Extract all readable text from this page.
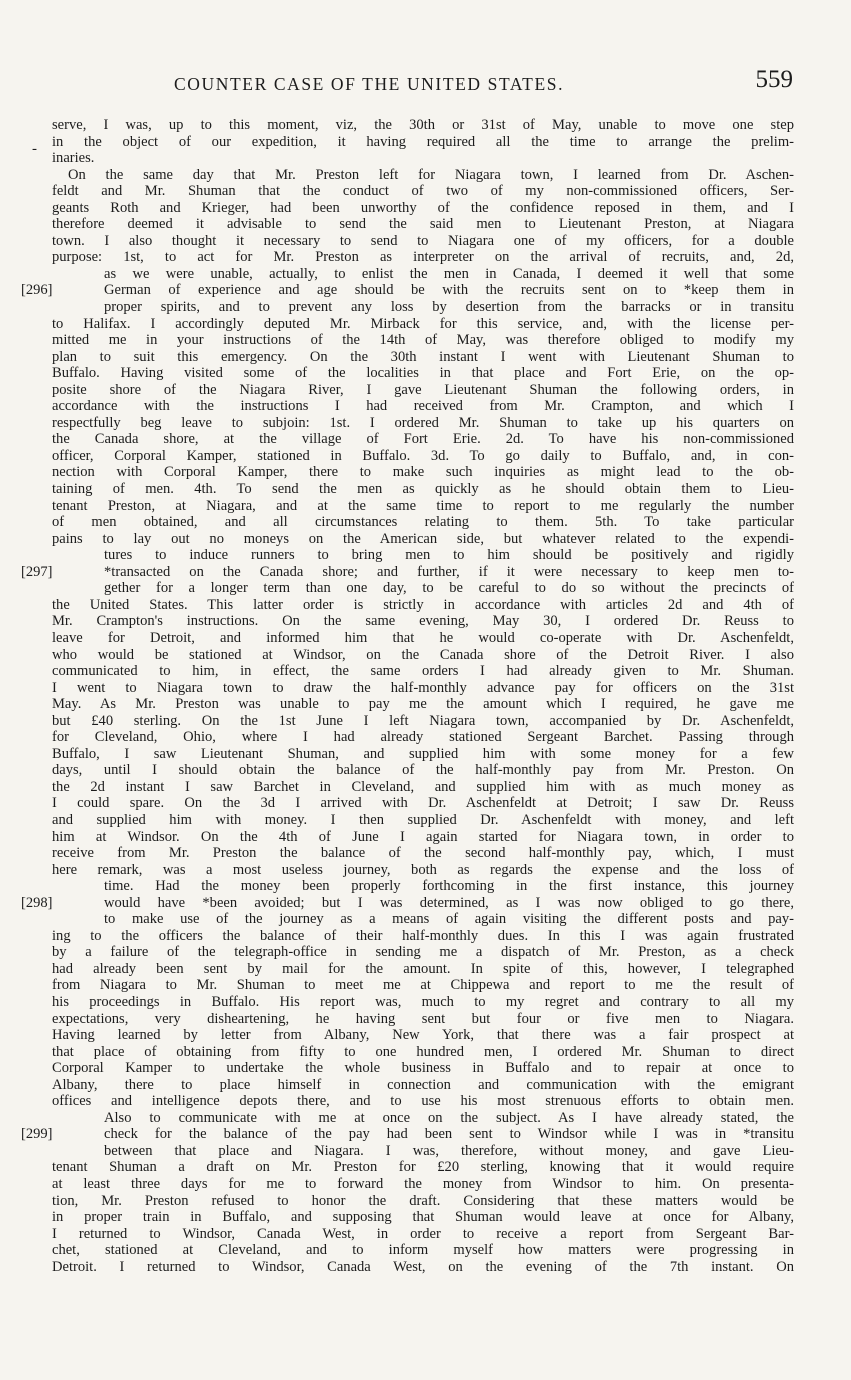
COUNTER CASE OF THE UNITED STATES.	559
-
serve, I was, up to this moment, viz, the 30th or 31st of May, unable to move one step
in the object of our expedition, it having required all the time to arrange the prelim-
inaries.
On the same day that Mr. Preston left for Niagara town, I learned from Dr. Aschen-
feldt and Mr. Shuman that the conduct of two of my non-commissioned officers, Ser-
geants Roth and Krieger, had been unworthy of the confidence reposed in them, and I
therefore deemed it advisable to send the said men to Lieutenant Preston, at Niagara
town. I also thought it necessary to send to Niagara one of my officers, for a double
purpose: 1st, to act for Mr. Preston as interpreter on the arrival of recruits, and, 2d,
as we were unable, actually, to enlist the men in Canada, I deemed it well that some
[296]	German of experience and age should be with the recruits sent on to *keep them in
proper spirits, and to prevent any loss by desertion from the barracks or in transitu
to Halifax. I accordingly deputed Mr. Mirback for this service, and, with the license per-
mitted me in your instructions of the 14th of May, was therefore obliged to modify my
plan to suit this emergency. On the 30th instant I went with Lieutenant Shuman to
Buffalo. Having visited some of the localities in that place and Fort Erie, on the op-
posite shore of the Niagara River, I gave Lieutenant Shuman the following orders, in
accordance with the instructions I had received from Mr. Crampton, and which I
respectfully beg leave to subjoin: 1st. I ordered Mr. Shuman to take up his quarters on
the Canada shore, at the village of Fort Erie. 2d. To have his non-commissioned
officer, Corporal Kamper, stationed in Buffalo. 3d. To go daily to Buffalo, and, in con-
nection with Corporal Kamper, there to make such inquiries as might lead to the ob-
taining of men. 4th. To send the men as quickly as he should obtain them to Lieu-
tenant Preston, at Niagara, and at the same time to report to me regularly the number
of men obtained, and all circumstances relating to them. 5th. To take particular
pains to lay out no moneys on the American side, but whatever related to the expendi-
tures to induce runners to bring men to him should be positively and rigidly
[297]	*transacted on the Canada shore; and further, if it were necessary to keep men to-
gether for a longer term than one day, to be careful to do so without the precincts of
the United States. This latter order is strictly in accordance with articles 2d and 4th of
Mr. Crampton's instructions. On the same evening, May 30, I ordered Dr. Reuss to
leave for Detroit, and informed him that he would co-operate with Dr. Aschenfeldt,
who would be stationed at Windsor, on the Canada shore of the Detroit River. I also
communicated to him, in effect, the same orders I had already given to Mr. Shuman.
I went to Niagara town to draw the half-monthly advance pay for officers on the 31st
May. As Mr. Preston was unable to pay me the amount which I required, he gave me
but £40 sterling. On the 1st June I left Niagara town, accompanied by Dr. Aschenfeldt,
for Cleveland, Ohio, where I had already stationed Sergeant Barchet. Passing through
Buffalo, I saw Lieutenant Shuman, and supplied him with some money for a few
days, until I should obtain the balance of the half-monthly pay from Mr. Preston. On
the 2d instant I saw Barchet in Cleveland, and supplied him with as much money as
I could spare. On the 3d I arrived with Dr. Aschenfeldt at Detroit; I saw Dr. Reuss
and supplied him with money. I then supplied Dr. Aschenfeldt with money, and left
him at Windsor. On the 4th of June I again started for Niagara town, in order to
receive from Mr. Preston the balance of the second half-monthly pay, which, I must
here remark, was a most useless journey, both as regards the expense and the loss of
time. Had the money been properly forthcoming in the first instance, this journey
[298]	would have *been avoided; but I was determined, as I was now obliged to go there,
to make use of the journey as a means of again visiting the different posts and pay-
ing to the officers the balance of their half-monthly dues. In this I was again frustrated
by a failure of the telegraph-office in sending me a dispatch of Mr. Preston, as a check
had already been sent by mail for the amount. In spite of this, however, I telegraphed
from Niagara to Mr. Shuman to meet me at Chippewa and report to me the result of
his proceedings in Buffalo. His report was, much to my regret and contrary to all my
expectations, very disheartening, he having sent but four or five men to Niagara.
Having learned by letter from Albany, New York, that there was a fair prospect at
that place of obtaining from fifty to one hundred men, I ordered Mr. Shuman to direct
Corporal Kamper to undertake the whole business in Buffalo and to repair at once to
Albany, there to place himself in connection and communication with the emigrant
offices and intelligence depots there, and to use his most strenuous efforts to obtain men.
Also to communicate with me at once on the subject. As I have already stated, the
[299]	check for the balance of the pay had been sent to Windsor while I was in *transitu
between that place and Niagara. I was, therefore, without money, and gave Lieu-
tenant Shuman a draft on Mr. Preston for £20 sterling, knowing that it would require
at least three days for me to forward the money from Windsor to him. On presenta-
tion, Mr. Preston refused to honor the draft. Considering that these matters would be
in proper train in Buffalo, and supposing that Shuman would leave at once for Albany,
I returned to Windsor, Canada West, in order to receive a report from Sergeant Bar-
chet, stationed at Cleveland, and to inform myself how matters were progressing in
Detroit. I returned to Windsor, Canada West, on the evening of the 7th instant. On
